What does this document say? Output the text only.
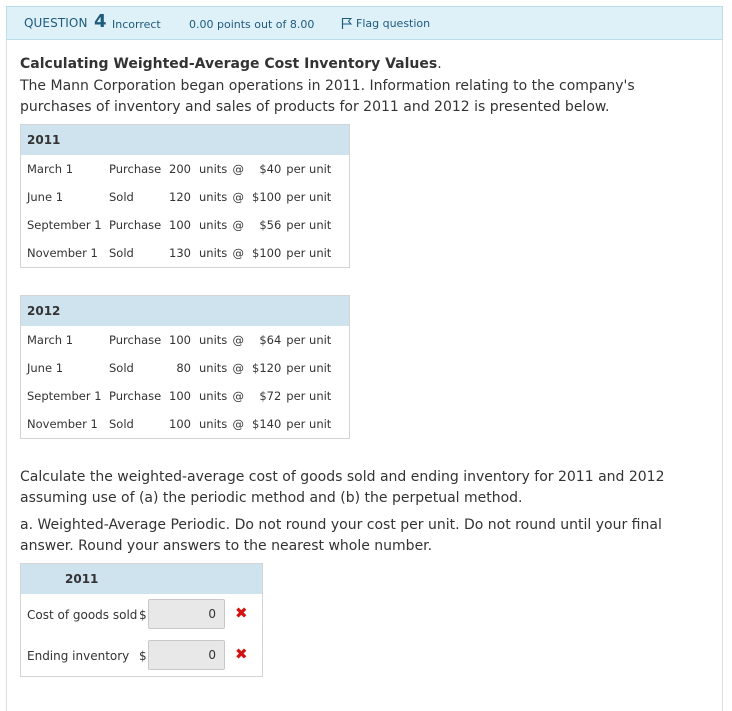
QUESTION 4 Incorrect	0.00 points out of 8.00	Flag question
Calculating Weighted-Average Cost Inventory Values.
The Mann Corporation began operations in 2011. Information relating to the company's purchases of inventory and sales of products for 2011 and 2012 is presented below.
2011						
March 1	Purchase	200	units	@	$40	per unit
June 1	Sold	120	units	@	$100	per unit
September 1	Purchase	100	units	@	$56	per unit
November 1	Sold	130	units	@	$100	per unit
2012						
March 1	Purchase	100	units	@	$64	per unit
June 1	Sold	80	units	@	$120	per unit
September 1	Purchase	100	units	@	$72	per unit
November 1	Sold	100	units	@	$140	per unit
Calculate the weighted-average cost of goods sold and ending inventory for 2011 and 2012 assuming use of (a) the periodic method and (b) the perpetual method.
a. Weighted-Average Periodic. Do not round your cost per unit. Do not round until your final answer. Round your answers to the nearest whole number.
2011
Cost of goods sold $
0	✖
Ending inventory $
0	✖
